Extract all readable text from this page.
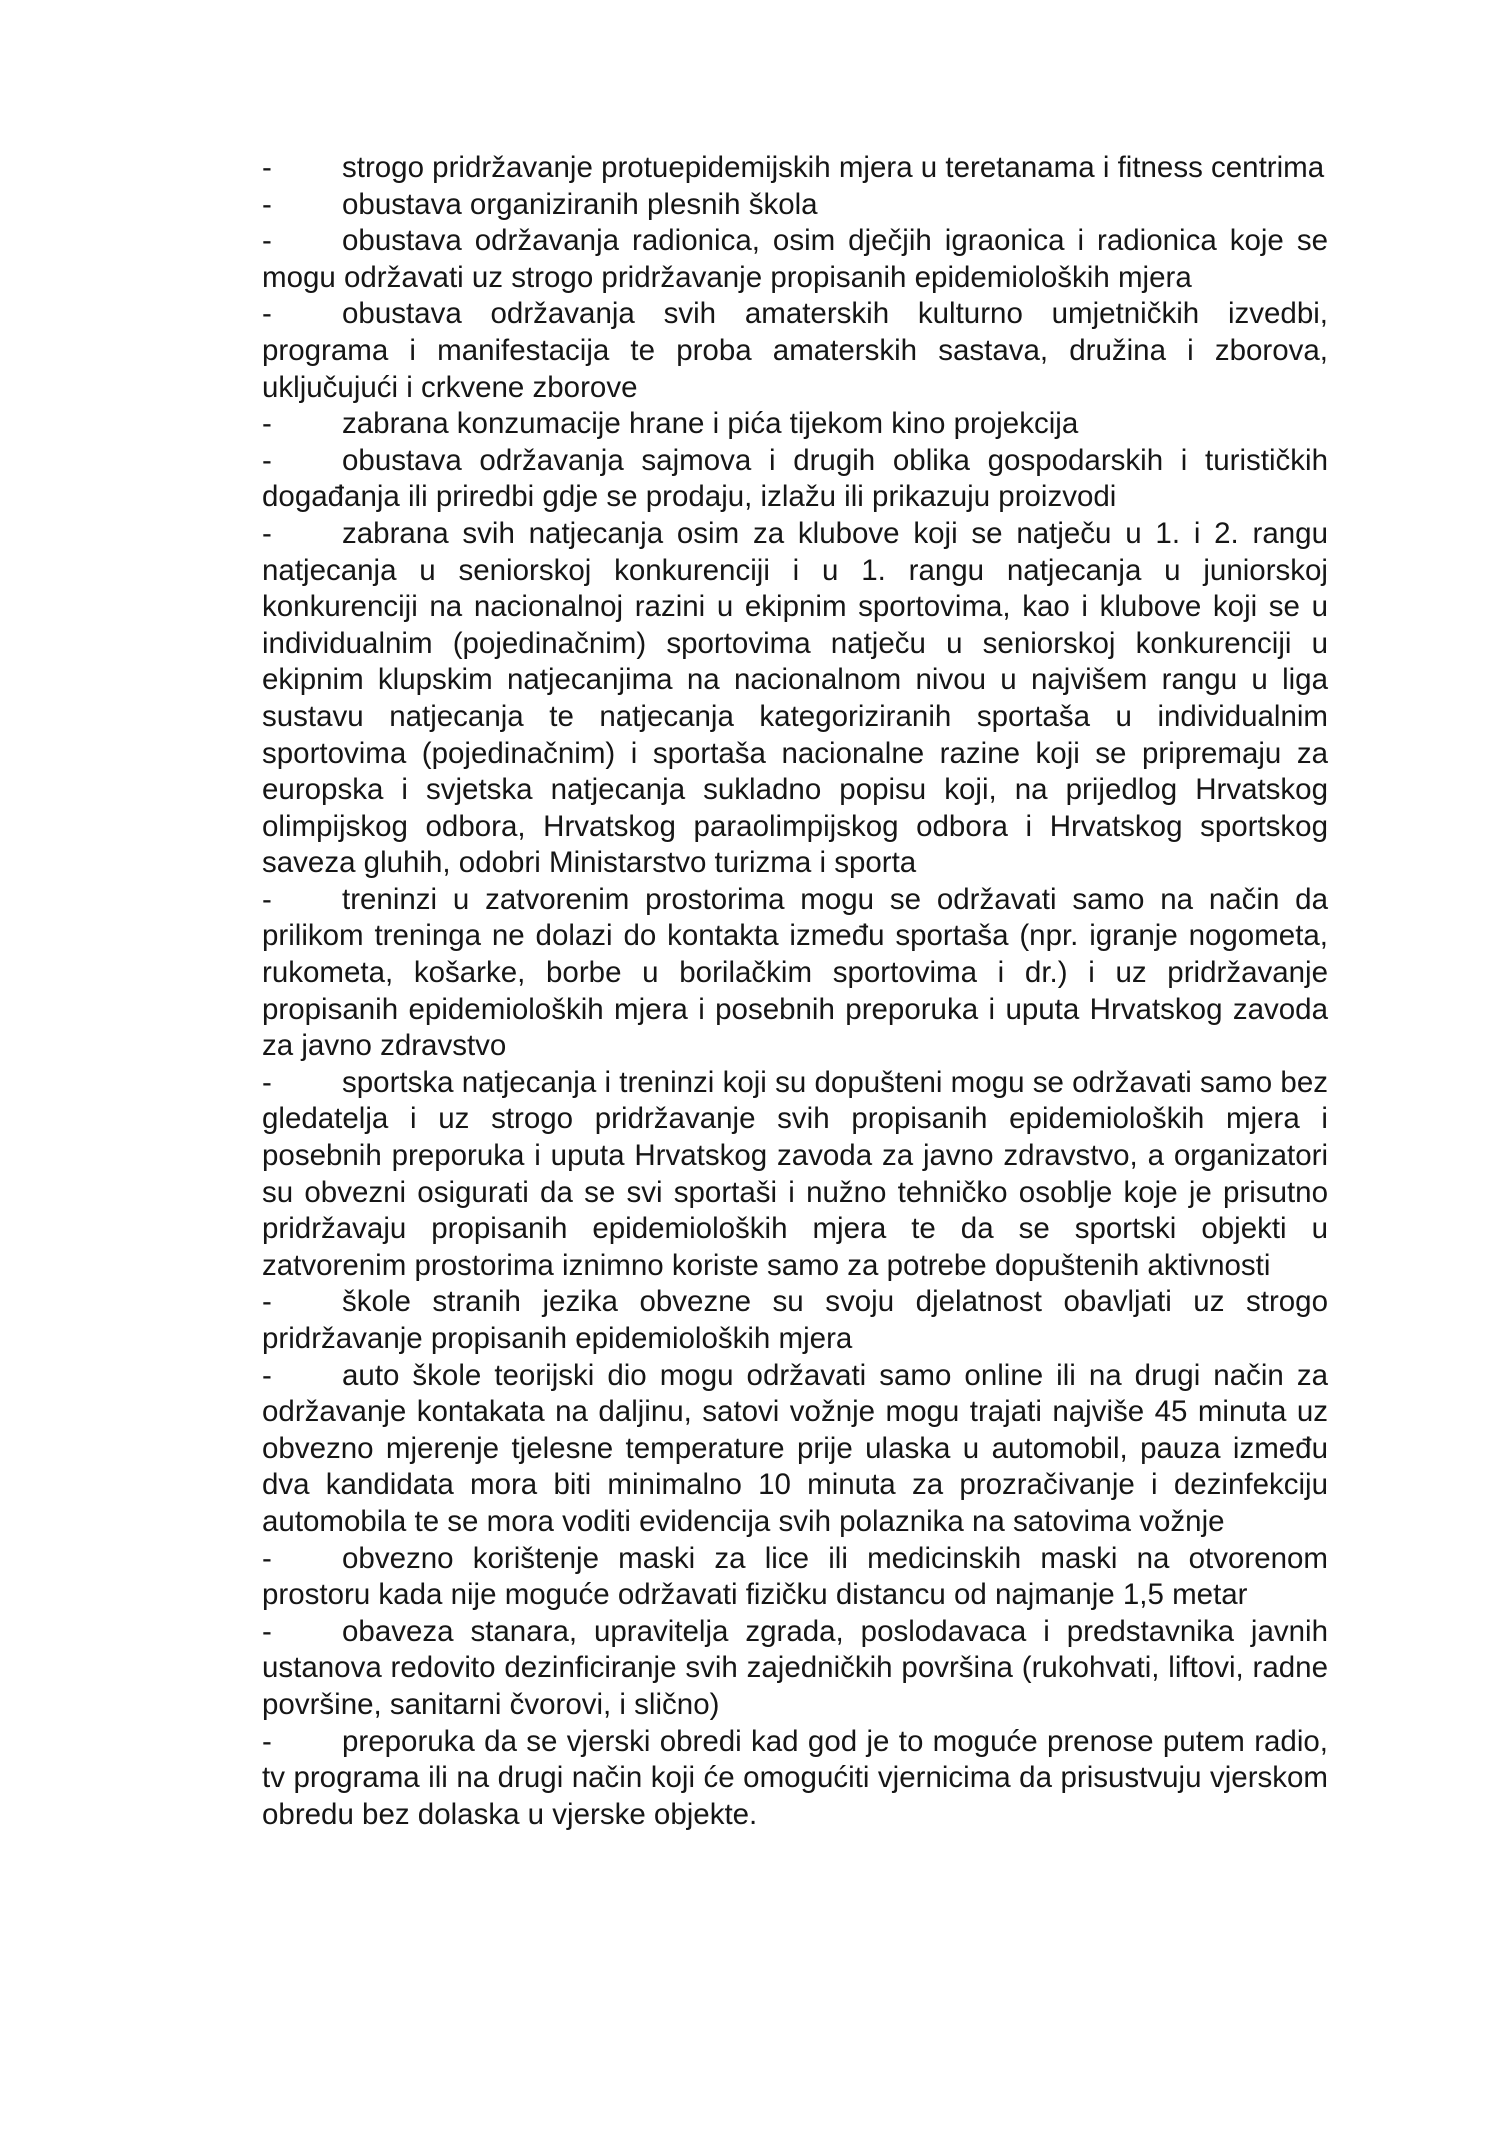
- strogo pridržavanje protuepidemijskih mjera u teretanama i fitness centrima

- obustava organiziranih plesnih škola

- obustava održavanja radionica, osim dječjih igraonica i radionica koje se mogu održavati uz strogo pridržavanje propisanih epidemioloških mjera

- obustava održavanja svih amaterskih kulturno umjetničkih izvedbi, programa i manifestacija te proba amaterskih sastava, družina i zborova, uključujući i crkvene zborove

- zabrana konzumacije hrane i pića tijekom kino projekcija

- obustava održavanja sajmova i drugih oblika gospodarskih i turističkih događanja ili priredbi gdje se prodaju, izlažu ili prikazuju proizvodi

- zabrana svih natjecanja osim za klubove koji se natječu u 1. i 2. rangu natjecanja u seniorskoj konkurenciji i u 1. rangu natjecanja u juniorskoj konkurenciji na nacionalnoj razini u ekipnim sportovima, kao i klubove koji se u individualnim (pojedinačnim) sportovima natječu u seniorskoj konkurenciji u ekipnim klupskim natjecanjima na nacionalnom nivou u najvišem rangu u liga sustavu natjecanja te natjecanja kategoriziranih sportaša u individualnim sportovima (pojedinačnim) i sportaša nacionalne razine koji se pripremaju za europska i svjetska natjecanja sukladno popisu koji, na prijedlog Hrvatskog olimpijskog odbora, Hrvatskog paraolimpijskog odbora i Hrvatskog sportskog saveza gluhih, odobri Ministarstvo turizma i sporta

- treninzi u zatvorenim prostorima mogu se održavati samo na način da prilikom treninga ne dolazi do kontakta između sportaša (npr. igranje nogometa, rukometa, košarke, borbe u borilačkim sportovima i dr.) i uz pridržavanje propisanih epidemioloških mjera i posebnih preporuka i uputa Hrvatskog zavoda za javno zdravstvo

- sportska natjecanja i treninzi koji su dopušteni mogu se održavati samo bez gledatelja i uz strogo pridržavanje svih propisanih epidemioloških mjera i posebnih preporuka i uputa Hrvatskog zavoda za javno zdravstvo, a organizatori su obvezni osigurati da se svi sportaši i nužno tehničko osoblje koje je prisutno pridržavaju propisanih epidemioloških mjera te da se sportski objekti u zatvorenim prostorima iznimno koriste samo za potrebe dopuštenih aktivnosti

- škole stranih jezika obvezne su svoju djelatnost obavljati uz strogo pridržavanje propisanih epidemioloških mjera

- auto škole teorijski dio mogu održavati samo online ili na drugi način za održavanje kontakata na daljinu, satovi vožnje mogu trajati najviše 45 minuta uz obvezno mjerenje tjelesne temperature prije ulaska u automobil, pauza između dva kandidata mora biti minimalno 10 minuta za prozračivanje i dezinfekciju automobila te se mora voditi evidencija svih polaznika na satovima vožnje

- obvezno korištenje maski za lice ili medicinskih maski na otvorenom prostoru kada nije moguće održavati fizičku distancu od najmanje 1,5 metar

- obaveza stanara, upravitelja zgrada, poslodavaca i predstavnika javnih ustanova redovito dezinficiranje svih zajedničkih površina (rukohvati, liftovi, radne površine, sanitarni čvorovi, i slično)

- preporuka da se vjerski obredi kad god je to moguće prenose putem radio, tv programa ili na drugi način koji će omogućiti vjernicima da prisustvuju vjerskom obredu bez dolaska u vjerske objekte.
